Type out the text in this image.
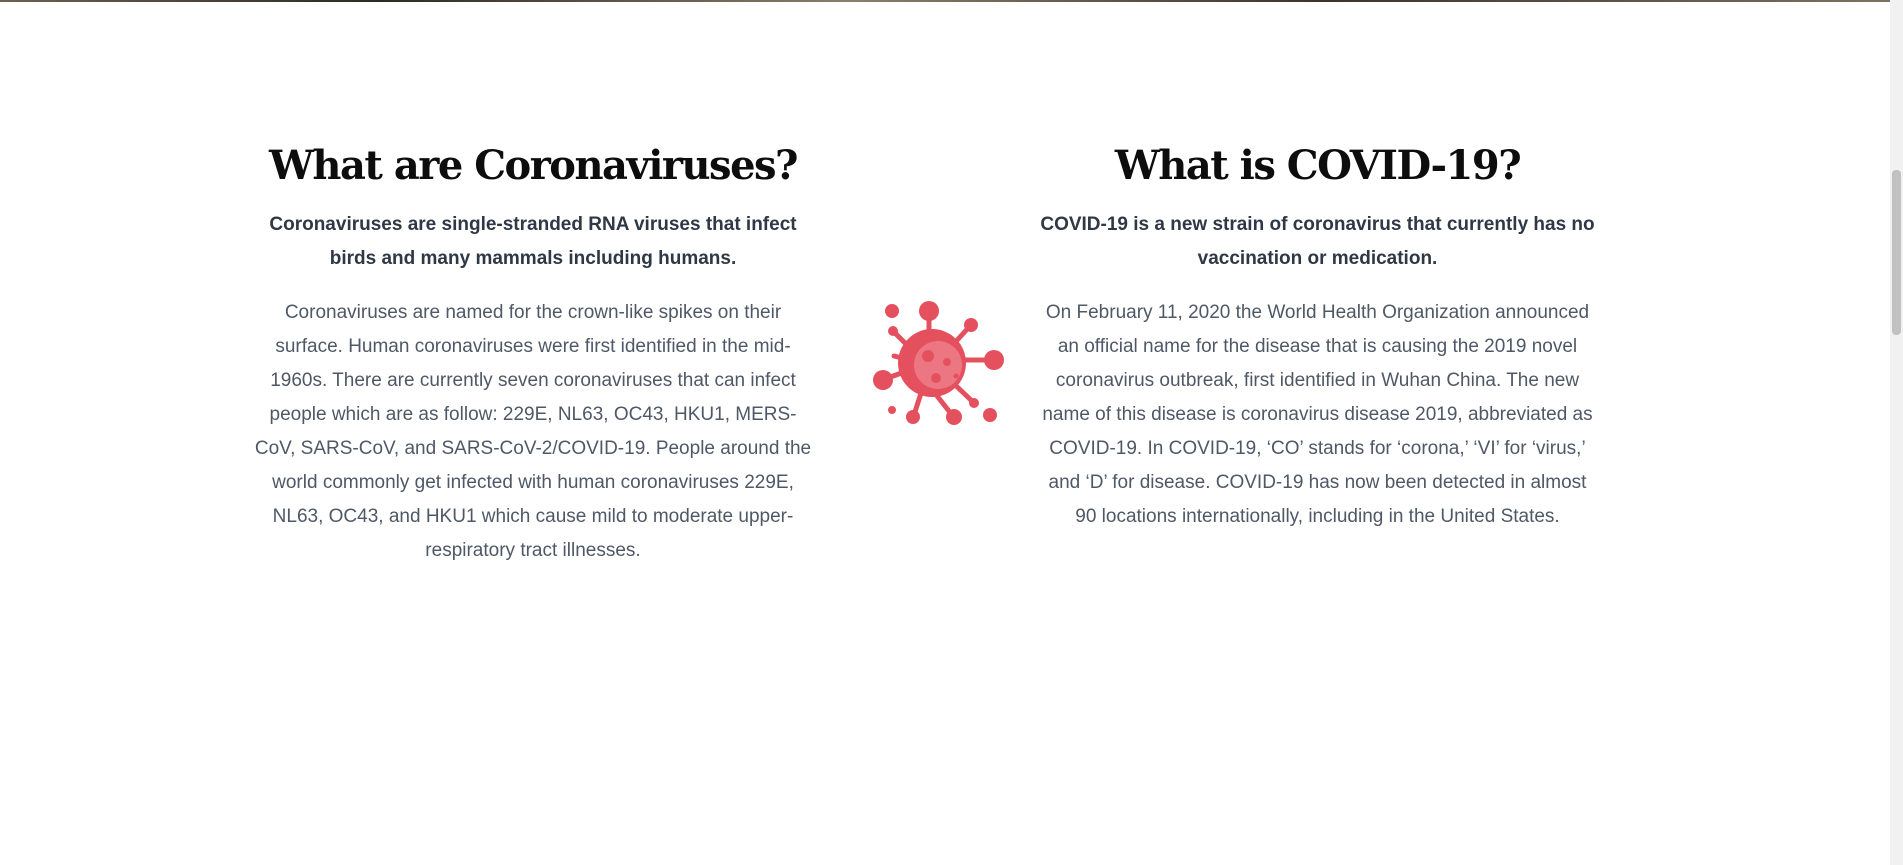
What are Coronaviruses?

Coronaviruses are single-stranded RNA viruses that infect birds and many mammals including humans.

Coronaviruses are named for the crown-like spikes on their surface. Human coronaviruses were first identified in the mid-1960s. There are currently seven coronaviruses that can infect people which are as follow: 229E, NL63, OC43, HKU1, MERS-CoV, SARS-CoV, and SARS-CoV-2/COVID-19. People around the world commonly get infected with human coronaviruses 229E, NL63, OC43, and HKU1 which cause mild to moderate upper-respiratory tract illnesses.

What is COVID-19?

COVID-19 is a new strain of coronavirus that currently has no vaccination or medication.

On February 11, 2020 the World Health Organization announced an official name for the disease that is causing the 2019 novel coronavirus outbreak, first identified in Wuhan China. The new name of this disease is coronavirus disease 2019, abbreviated as COVID-19. In COVID-19, ‘CO’ stands for ‘corona,’ ‘VI’ for ‘virus,’ and ‘D’ for disease. COVID-19 has now been detected in almost 90 locations internationally, including in the United States.
